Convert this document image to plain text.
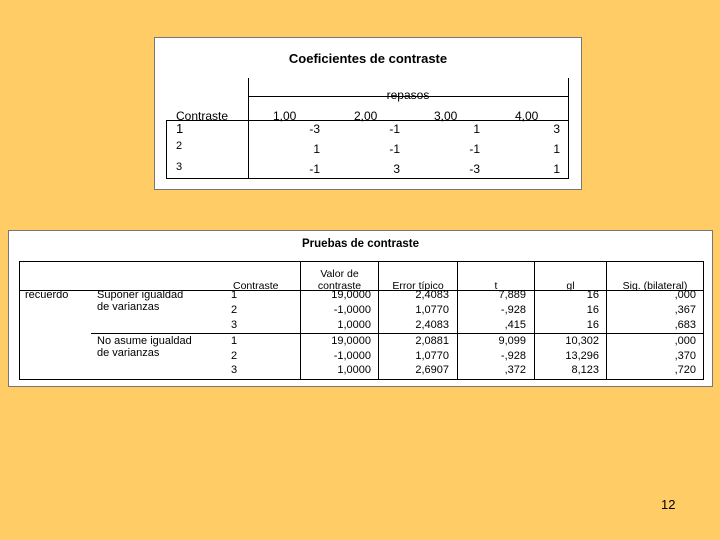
Coeficientes de contraste
repasos
Contraste	1,00	2,00	3,00	4,00
1	-3	-1	1	3
2	1	-1	-1	1
3	-1	3	-3	1
Pruebas de contraste
Contraste
Valor de
contraste	Error típico	t	gl	Sig. (bilateral)
recuerdo	Suponer igualdad
de varianzas
1	19,0000	2,4083	7,889	16	,000
2	-1,0000	1,0770	-,928	16	,367
3	1,0000	2,4083	,415	16	,683
No asume igualdad
de varianzas
1	19,0000	2,0881	9,099	10,302	,000
2	-1,0000	1,0770	-,928	13,296	,370
3	1,0000	2,6907	,372	8,123	,720
12
